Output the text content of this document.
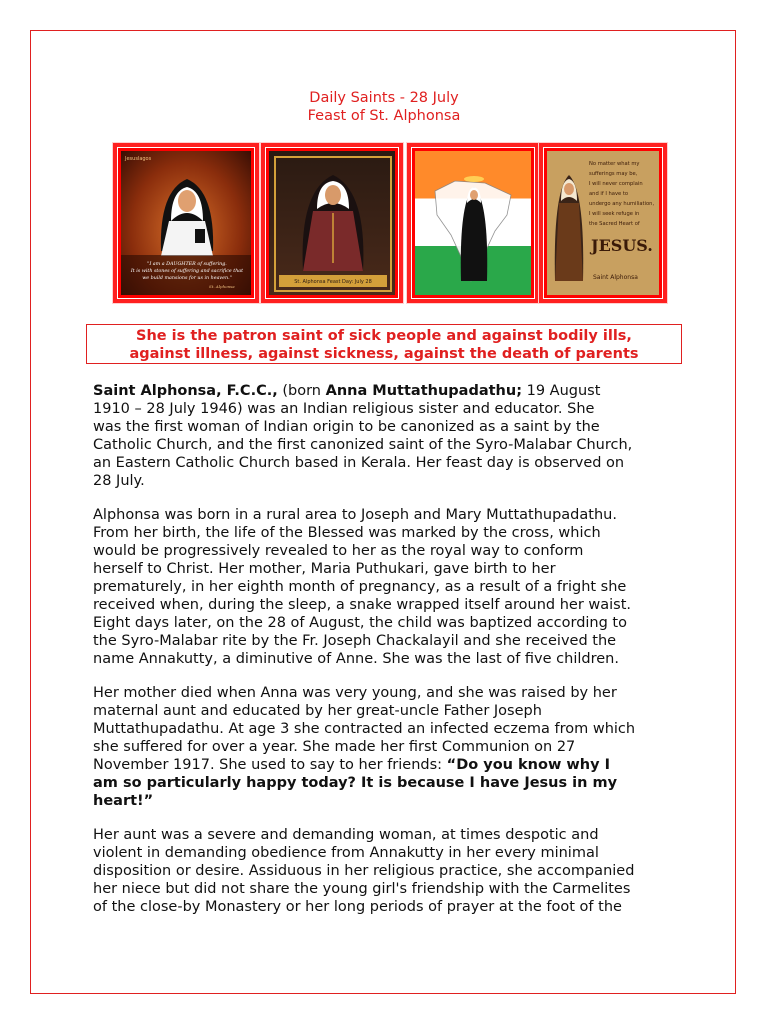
Daily Saints - 28 July
Feast of St. Alphonsa
Jesuslagos
"I am a DAUGHTER of suffering.
It is with stones of suffering and sacrifice that
we build mansions for us in heaven."
St. Alphonsa
St. Alphonsa Feast Day: July 28
No matter what my
sufferings may be,
I will never complain
and if I have to
undergo any humiliation,
I will seek refuge in
the Sacred Heart of
JESUS.
Saint Alphonsa
She is the patron saint of sick people and against bodily ills,
against illness, against sickness, against the death of parents
Saint Alphonsa, F.C.C., (born Anna Muttathupadathu; 19 August
1910 – 28 July 1946) was an Indian religious sister and educator. She
was the first woman of Indian origin to be canonized as a saint by the
Catholic Church, and the first canonized saint of the Syro-Malabar Church,
an Eastern Catholic Church based in Kerala. Her feast day is observed on
28 July.
Alphonsa was born in a rural area to Joseph and Mary Muttathupadathu.
From her birth, the life of the Blessed was marked by the cross, which
would be progressively revealed to her as the royal way to conform
herself to Christ. Her mother, Maria Puthukari, gave birth to her
prematurely, in her eighth month of pregnancy, as a result of a fright she
received when, during the sleep, a snake wrapped itself around her waist.
Eight days later, on the 28 of August, the child was baptized according to
the Syro-Malabar rite by the Fr. Joseph Chackalayil and she received the
name Annakutty, a diminutive of Anne. She was the last of five children.
Her mother died when Anna was very young, and she was raised by her
maternal aunt and educated by her great-uncle Father Joseph
Muttathupadathu. At age 3 she contracted an infected eczema from which
she suffered for over a year. She made her first Communion on 27
November 1917. She used to say to her friends: “Do you know why I
am so particularly happy today? It is because I have Jesus in my
heart!”
Her aunt was a severe and demanding woman, at times despotic and
violent in demanding obedience from Annakutty in her every minimal
disposition or desire. Assiduous in her religious practice, she accompanied
her niece but did not share the young girl's friendship with the Carmelites
of the close-by Monastery or her long periods of prayer at the foot of the
